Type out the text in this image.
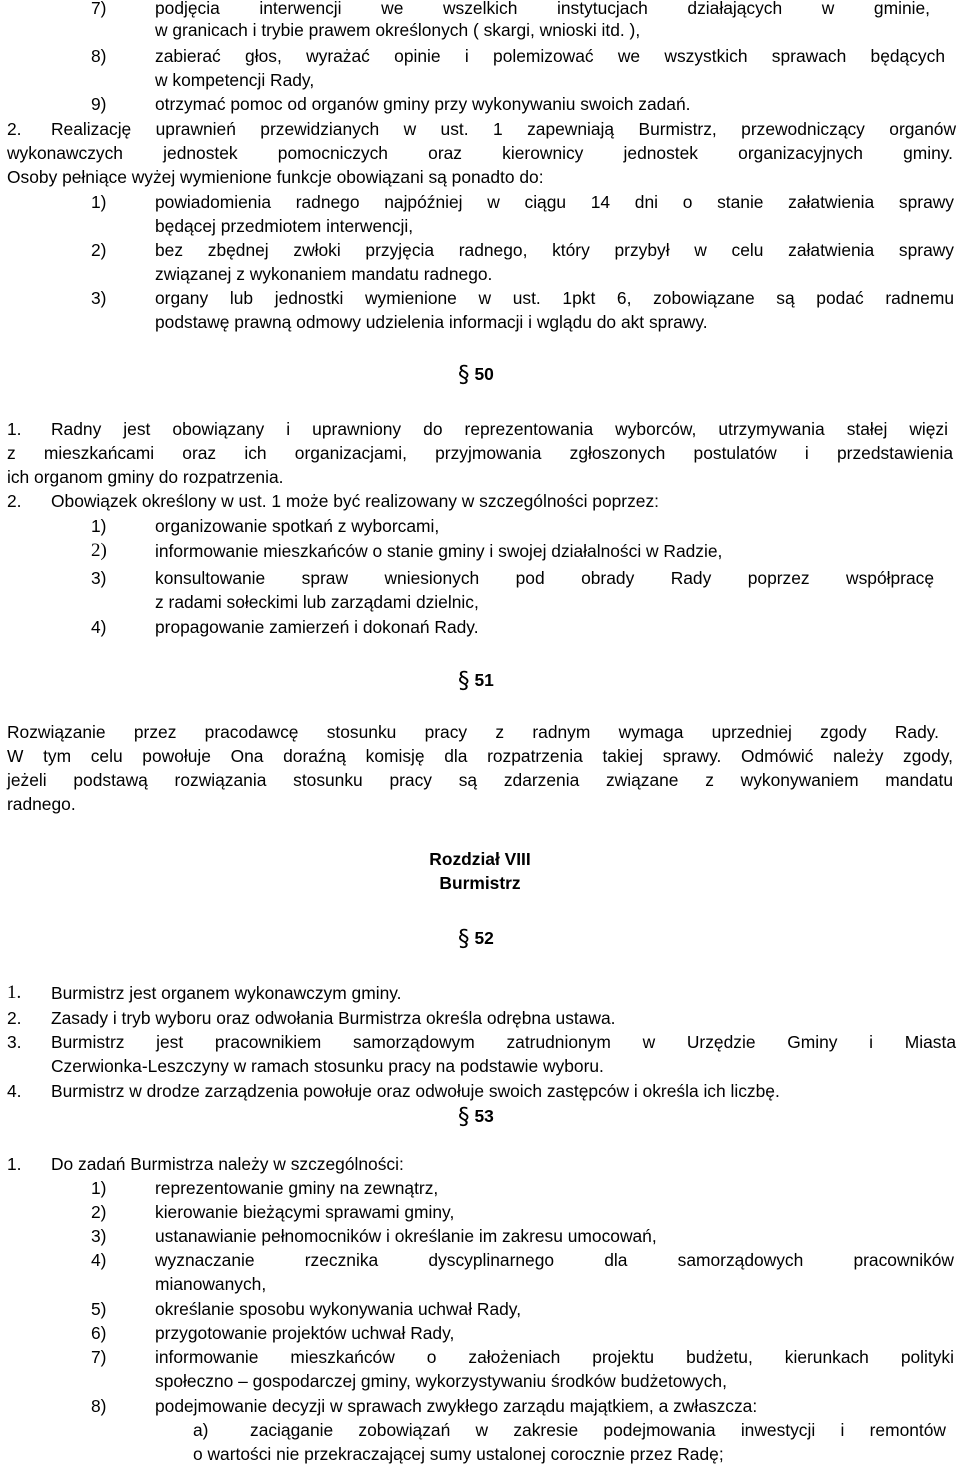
7)	podjęcia interwencji we wszelkich instytucjach działających w gminie,
w granicach i trybie prawem określonych ( skargi, wnioski itd. ),
8)	zabierać głos, wyrażać opinie i polemizować we wszystkich sprawach będących
w kompetencji Rady,
9)	otrzymać pomoc od organów gminy przy wykonywaniu swoich zadań.
2. Realizację uprawnień przewidzianych w ust. 1 zapewniają Burmistrz, przewodniczący organów
wykonawczych jednostek pomocniczych oraz kierownicy jednostek organizacyjnych gminy.
Osoby pełniące wyżej wymienione funkcje obowiązani są ponadto do:
1)	powiadomienia radnego najpóźniej w ciągu 14 dni o stanie załatwienia sprawy
będącej przedmiotem interwencji,
2)	bez zbędnej zwłoki przyjęcia radnego, który przybył w celu załatwienia sprawy
związanej z wykonaniem mandatu radnego.
3)	organy lub jednostki wymienione w ust. 1pkt 6, zobowiązane są podać radnemu
podstawę prawną odmowy udzielenia informacji i wglądu do akt sprawy.
§ 50
1. Radny jest obowiązany i uprawniony do reprezentowania wyborców, utrzymywania stałej więzi
z mieszkańcami oraz ich organizacjami, przyjmowania zgłoszonych postulatów i przedstawienia
ich organom gminy do rozpatrzenia.
2. Obowiązek określony w ust. 1 może być realizowany w szczególności poprzez:
1)	organizowanie spotkań z wyborcami,
2)	informowanie mieszkańców o stanie gminy i swojej działalności w Radzie,
3)	konsultowanie spraw wniesionych pod obrady Rady poprzez współpracę
z radami sołeckimi lub zarządami dzielnic,
4)	propagowanie zamierzeń i dokonań Rady.
§ 51
Rozwiązanie przez pracodawcę stosunku pracy z radnym wymaga uprzedniej zgody Rady.
W tym celu powołuje Ona doraźną komisję dla rozpatrzenia takiej sprawy. Odmówić należy zgody,
jeżeli podstawą rozwiązania stosunku pracy są zdarzenia związane z wykonywaniem mandatu
radnego.
Rozdział VIII
Burmistrz
§ 52
1. Burmistrz jest organem wykonawczym gminy.
2. Zasady i tryb wyboru oraz odwołania Burmistrza określa odrębna ustawa.
3. Burmistrz jest pracownikiem samorządowym zatrudnionym w Urzędzie Gminy i Miasta
Czerwionka-Leszczyny w ramach stosunku pracy na podstawie wyboru.
4. Burmistrz w drodze zarządzenia powołuje oraz odwołuje swoich zastępców i określa ich liczbę.
§ 53
1. Do zadań Burmistrza należy w szczególności:
1)	reprezentowanie gminy na zewnątrz,
2)	kierowanie bieżącymi sprawami gminy,
3)	ustanawianie pełnomocników i określanie im zakresu umocowań,
4)	wyznaczanie rzecznika dyscyplinarnego dla samorządowych pracowników
mianowanych,
5)	określanie sposobu wykonywania uchwał Rady,
6)	przygotowanie projektów uchwał Rady,
7)	informowanie mieszkańców o założeniach projektu budżetu, kierunkach polityki
społeczno – gospodarczej gminy, wykorzystywaniu środków budżetowych,
8)	podejmowanie decyzji w sprawach zwykłego zarządu majątkiem, a zwłaszcza:
a) zaciąganie zobowiązań w zakresie podejmowania inwestycji i remontów
o wartości nie przekraczającej sumy ustalonej corocznie przez Radę;
